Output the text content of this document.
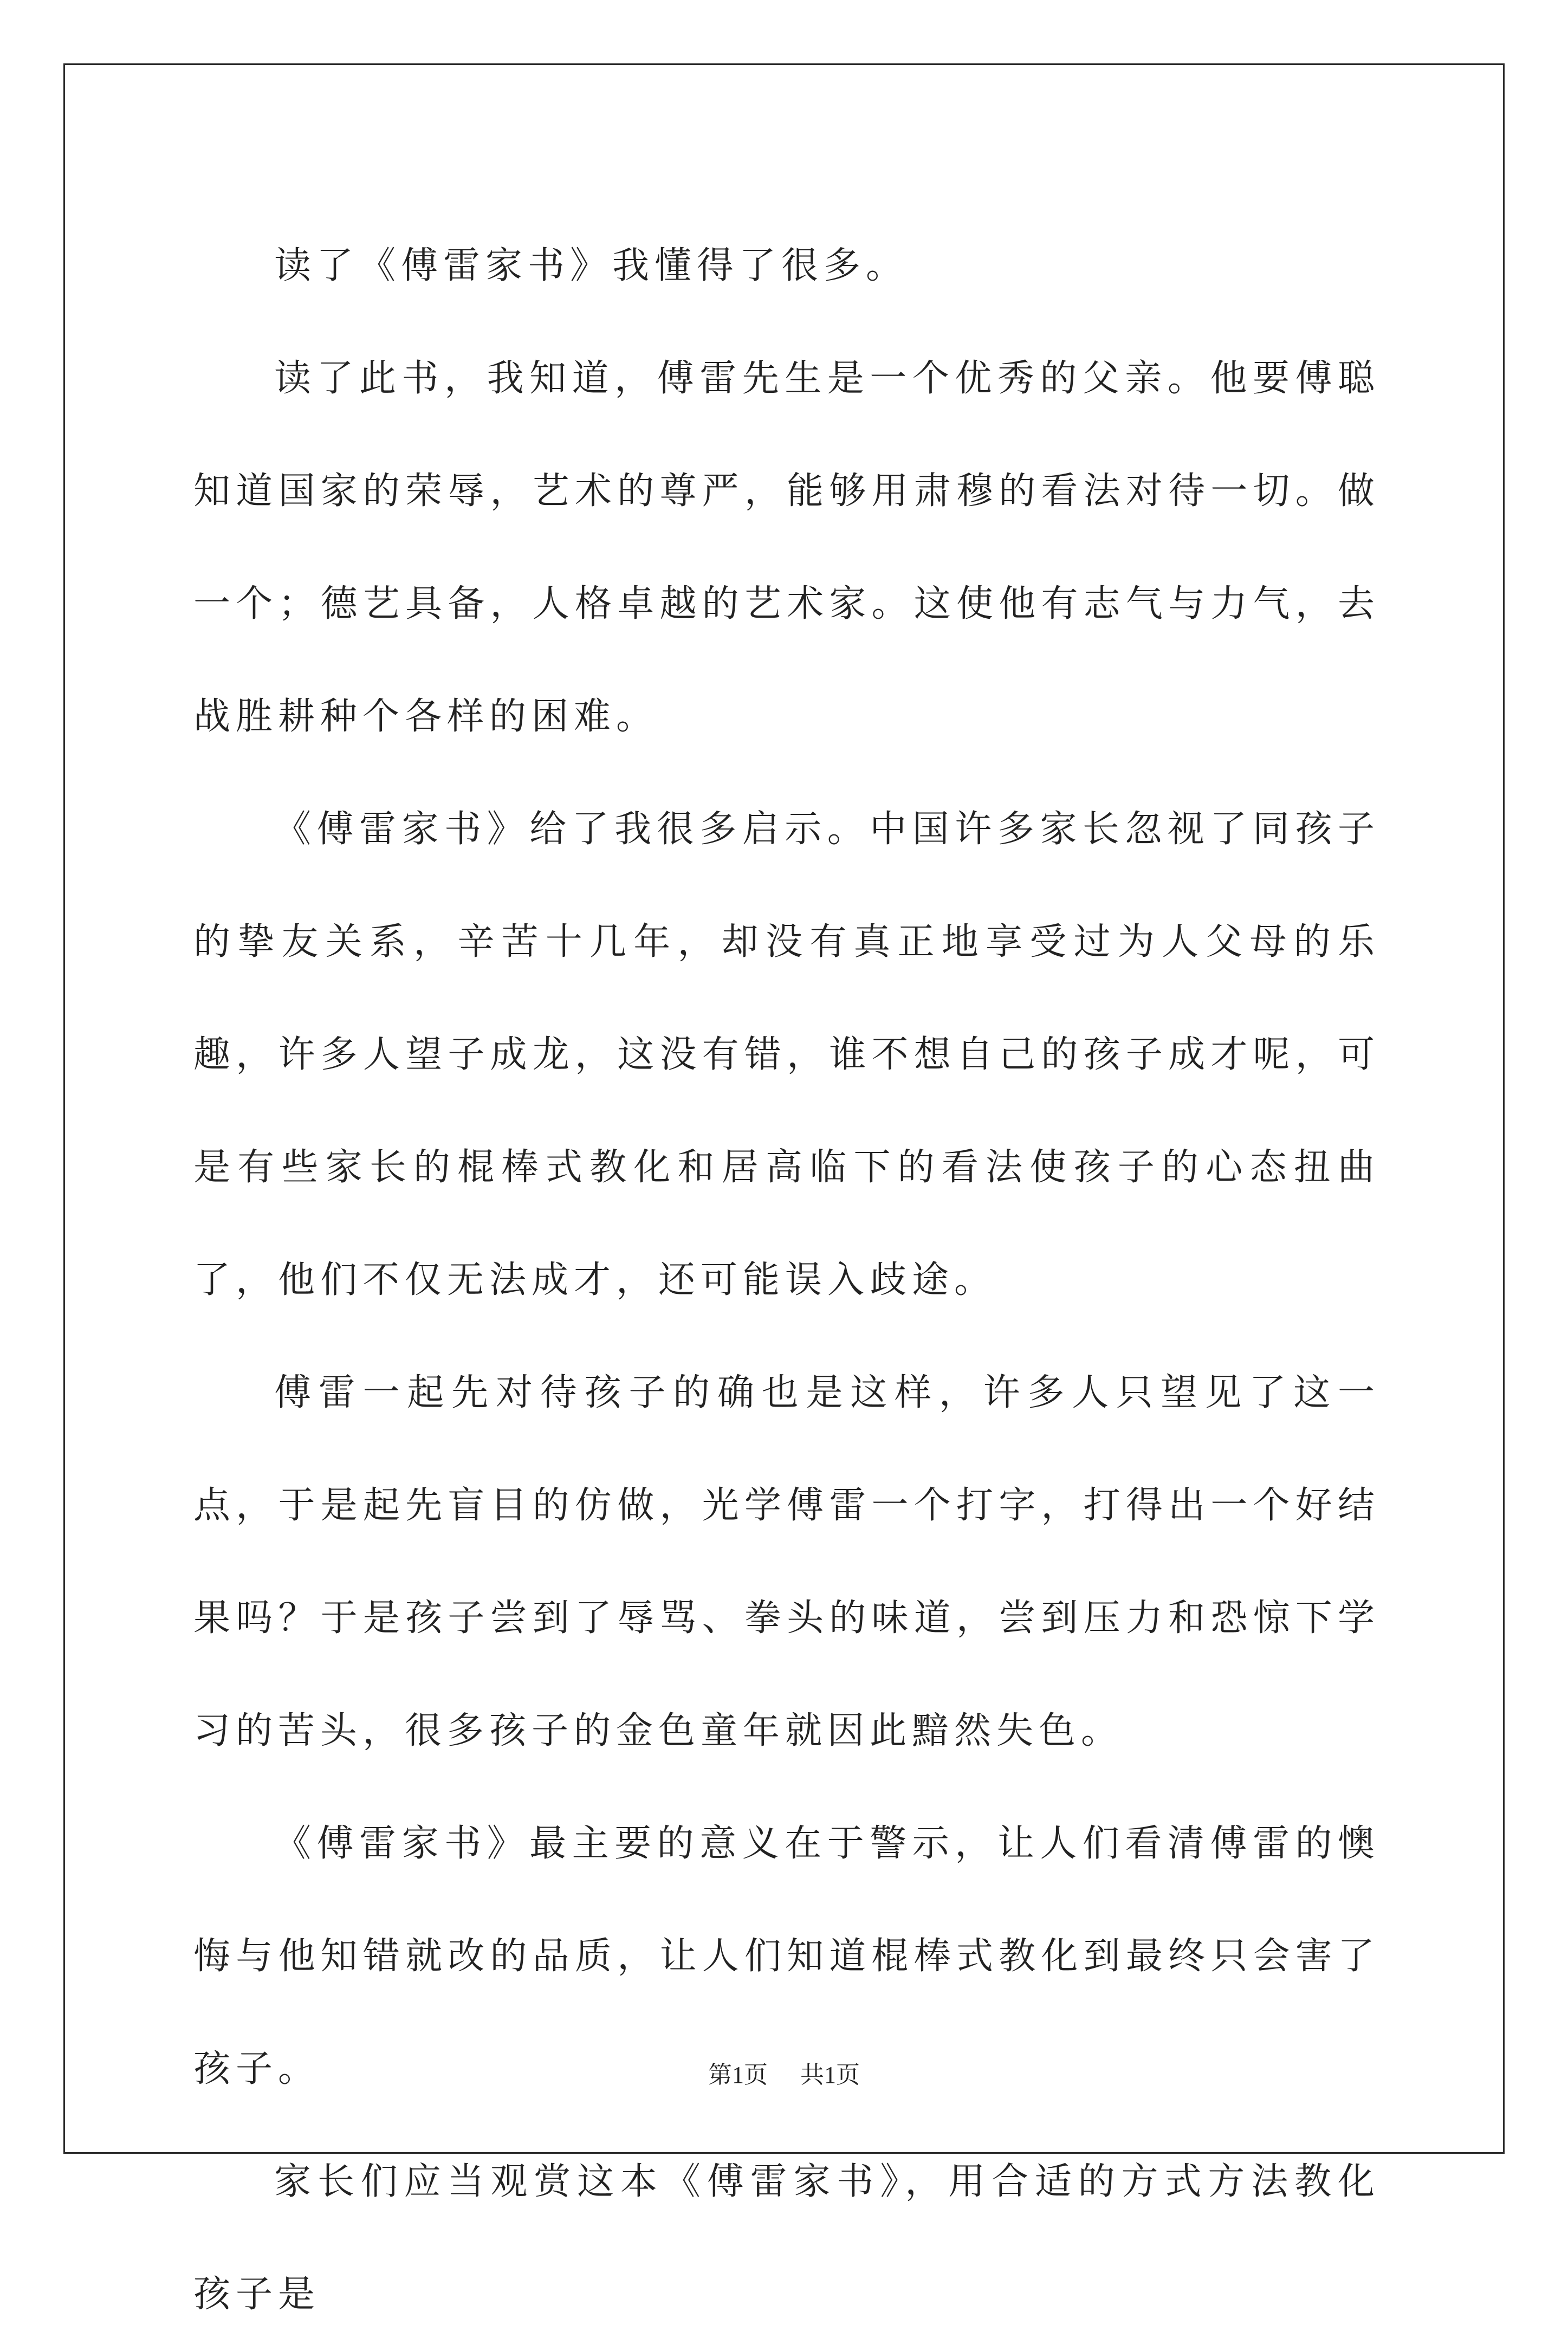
读了《傅雷家书》我懂得了很多。

读了此书，我知道，傅雷先生是一个优秀的父亲。他要傅聪知道国家的荣辱，艺术的尊严，能够用肃穆的看法对待一切。做一个；德艺具备，人格卓越的艺术家。这使他有志气与力气，去战胜耕种个各样的困难。

《傅雷家书》给了我很多启示。中国许多家长忽视了同孩子的挚友关系，辛苦十几年，却没有真正地享受过为人父母的乐趣，许多人望子成龙，这没有错，谁不想自己的孩子成才呢，可是有些家长的棍棒式教化和居高临下的看法使孩子的心态扭曲了，他们不仅无法成才，还可能误入歧途。

傅雷一起先对待孩子的确也是这样，许多人只望见了这一点，于是起先盲目的仿做，光学傅雷一个打字，打得出一个好结果吗？于是孩子尝到了辱骂、拳头的味道，尝到压力和恐惊下学习的苦头，很多孩子的金色童年就因此黯然失色。

《傅雷家书》最主要的意义在于警示，让人们看清傅雷的懊悔与他知错就改的品质，让人们知道棍棒式教化到最终只会害了孩子。

家长们应当观赏这本《傅雷家书》，用合适的方式方法教化孩子是

第1页 共1页
